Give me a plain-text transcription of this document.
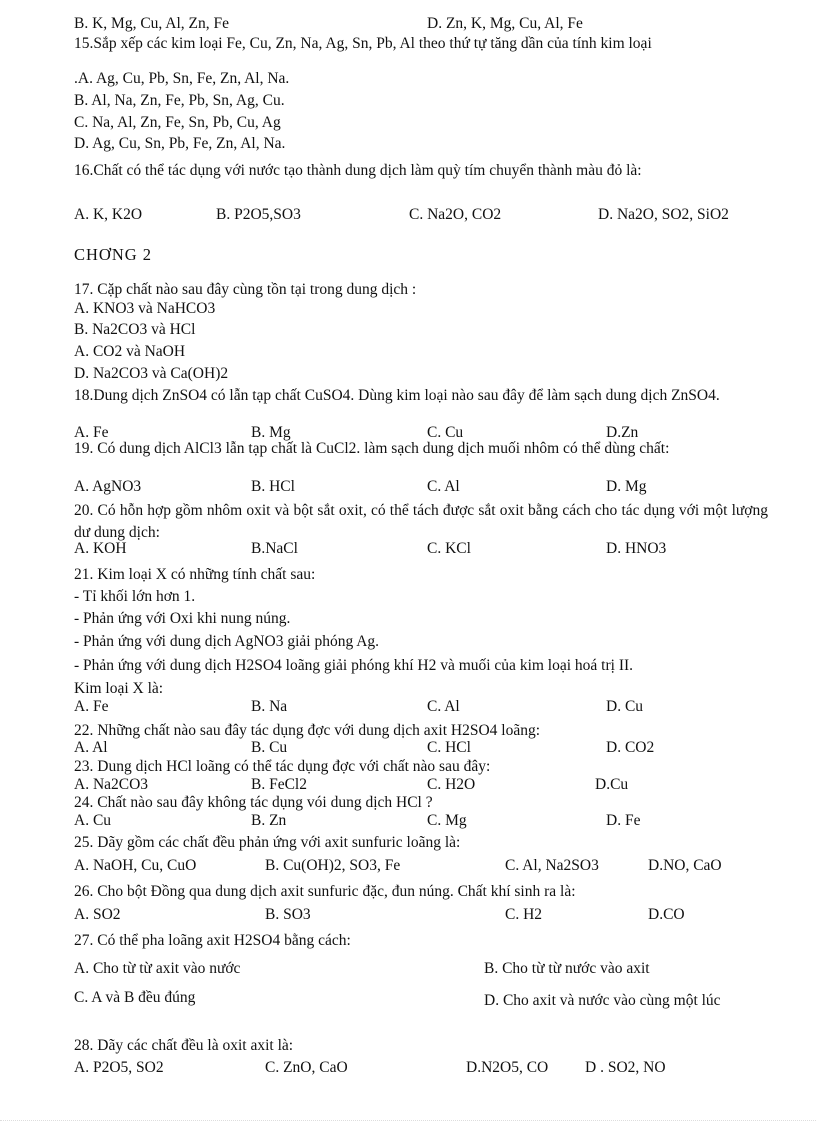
B. K, Mg, Cu, Al, Zn, Fe	D. Zn, K, Mg, Cu, Al, Fe
15.Sắp xếp các kim loại Fe, Cu, Zn, Na, Ag, Sn, Pb, Al theo thứ tự tăng dần của tính kim loại
.A. Ag, Cu, Pb, Sn, Fe, Zn, Al, Na.
B. Al, Na, Zn, Fe, Pb, Sn, Ag, Cu.
C. Na, Al, Zn, Fe, Sn, Pb, Cu, Ag
D. Ag, Cu, Sn, Pb, Fe, Zn, Al, Na.
16.Chất có thể tác dụng với nước tạo thành dung dịch làm quỳ tím chuyển thành màu đỏ là:
A. K, K2O	B. P2O5,SO3	C. Na2O, CO2	D. Na2O, SO2, SiO2
CHƠNG 2
17. Cặp chất nào sau đây cùng tồn tại trong dung dịch :
A. KNO3 và NaHCO3
B. Na2CO3 và HCl
A. CO2 và NaOH
D. Na2CO3 và Ca(OH)2
18.Dung dịch ZnSO4 có lẫn tạp chất CuSO4. Dùng kim loại nào sau đây để làm sạch dung dịch ZnSO4.
A. Fe	B. Mg	C. Cu	D.Zn
19. Có dung dịch AlCl3 lẫn tạp chất là CuCl2. làm sạch dung dịch muối nhôm có thể dùng chất:
A. AgNO3	B. HCl	C. Al	D. Mg
20. Có hỗn hợp gồm nhôm oxit và bột sắt oxit, có thể tách được sắt oxit bằng cách cho tác dụng với một lượng dư dung dịch:
A. KOH	B.NaCl	C. KCl	D. HNO3
21. Kim loại X có những tính chất sau:
- Tỉ khối lớn hơn 1.
- Phản ứng với Oxi khi nung núng.
- Phản ứng với dung dịch AgNO3 giải phóng Ag.
- Phản ứng với dung dịch H2SO4 loãng giải phóng khí H2 và muối của kim loại hoá trị II.
Kim loại X là:
A. Fe	B. Na	C. Al	D. Cu
22. Những chất nào sau đây tác dụng đợc với dung dịch axit H2SO4 loãng:
A. Al	B. Cu	C. HCl	D. CO2
23. Dung dịch HCl loãng có thể tác dụng đợc với chất nào sau đây:
A. Na2CO3	B. FeCl2	C. H2O	D.Cu
24. Chất nào sau đây không tác dụng vói dung dịch HCl ?
A. Cu	B. Zn	C. Mg	D. Fe
25. Dãy gồm các chất đều phản ứng với axit sunfuric loãng là:
A. NaOH, Cu, CuO	B. Cu(OH)2, SO3, Fe	C. Al, Na2SO3	D.NO, CaO
26. Cho bột Đồng qua dung dịch axit sunfuric đặc, đun núng. Chất khí sinh ra là:
A. SO2	B. SO3	C. H2	D.CO
27. Có thể pha loãng axit H2SO4 bằng cách:
A. Cho từ từ axit vào nước	B. Cho từ từ nước vào axit
C. A và B đều đúng	D. Cho axit và nước vào cùng một lúc
28. Dãy các chất đều là oxit axit là:
A. P2O5, SO2	C. ZnO, CaO	D.N2O5, CO D . SO2, NO
